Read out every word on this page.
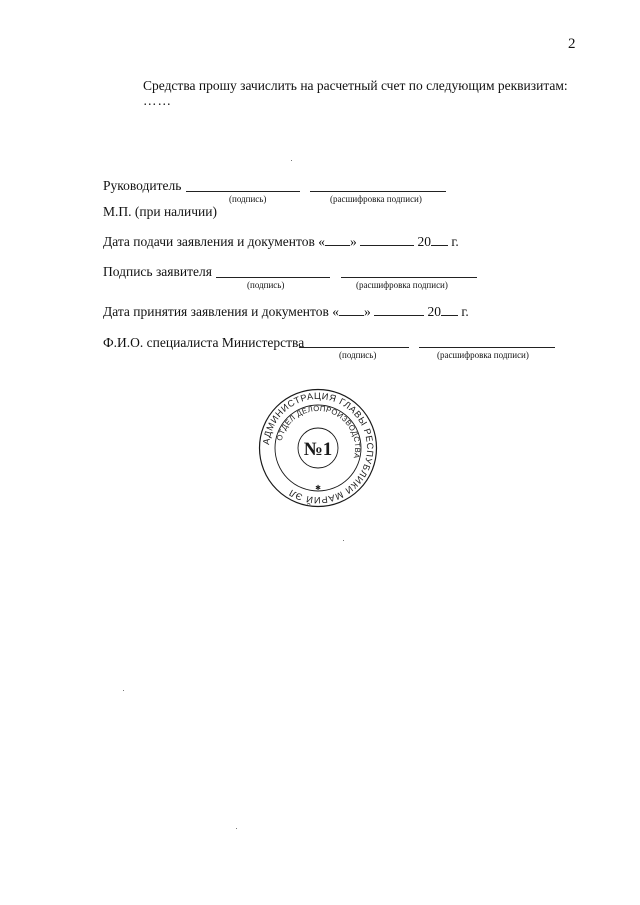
2
Средства прошу зачислить на расчетный счет по следующим реквизитам:
……
Руководитель
(подпись)	(расшифровка подписи)
М.П. (при наличии)
Дата подачи заявления и документов « »	20 г.
Подпись заявителя
(подпись)	(расшифровка подписи)
Дата принятия заявления и документов « »	20 г.
Ф.И.О. специалиста Министерства
(подпись)	(расшифровка подписи)
АДМИНИСТРАЦИЯ ГЛАВЫ РЕСПУБЛИКИ МАРИЙ ЭЛ
ОТДЕЛ ДЕЛОПРОИЗВОДСТВА
№1
✱
